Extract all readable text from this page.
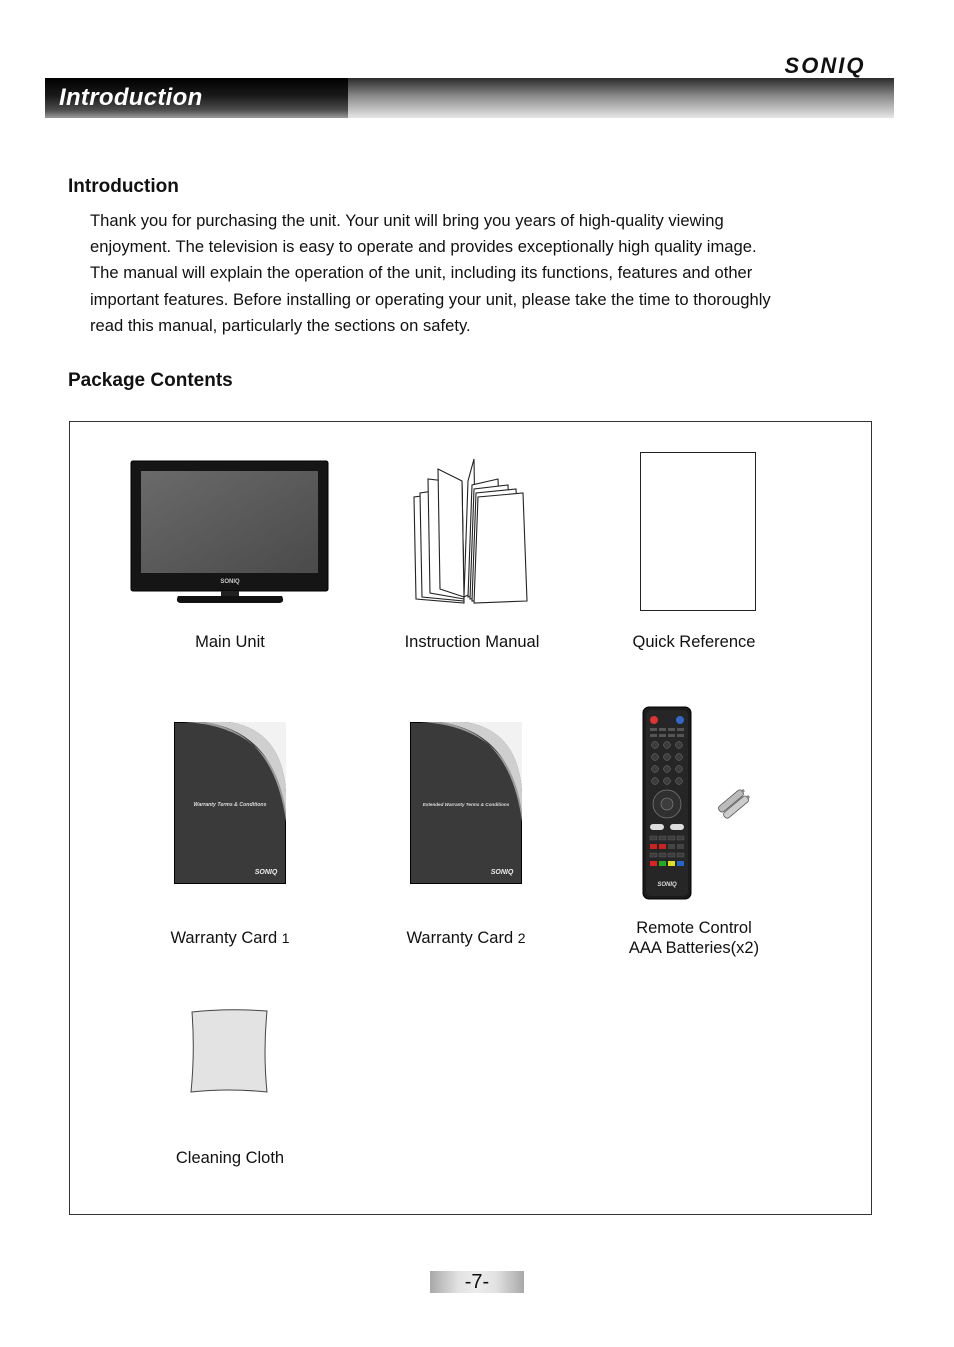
SONIQ
Introduction
Introduction

Thank you for purchasing the unit. Your unit will bring you years of high-quality viewing

enjoyment. The television is easy to operate and provides exceptionally high quality image.

The manual will explain the operation of the unit, including its functions, features and other

important features. Before installing or operating your unit, please take the time to thoroughly

read this manual, particularly the sections on safety.

Package Contents
SONIQ
Main Unit	Instruction Manual	Quick Reference
Warranty Terms & Conditions
SONIQ
Warranty Card 1
Extended Warranty Terms & Conditions
SONIQ
Warranty Card 2
SONIQ
Remote Control
AAA Batteries(x2)
Cleaning Cloth
-7-
